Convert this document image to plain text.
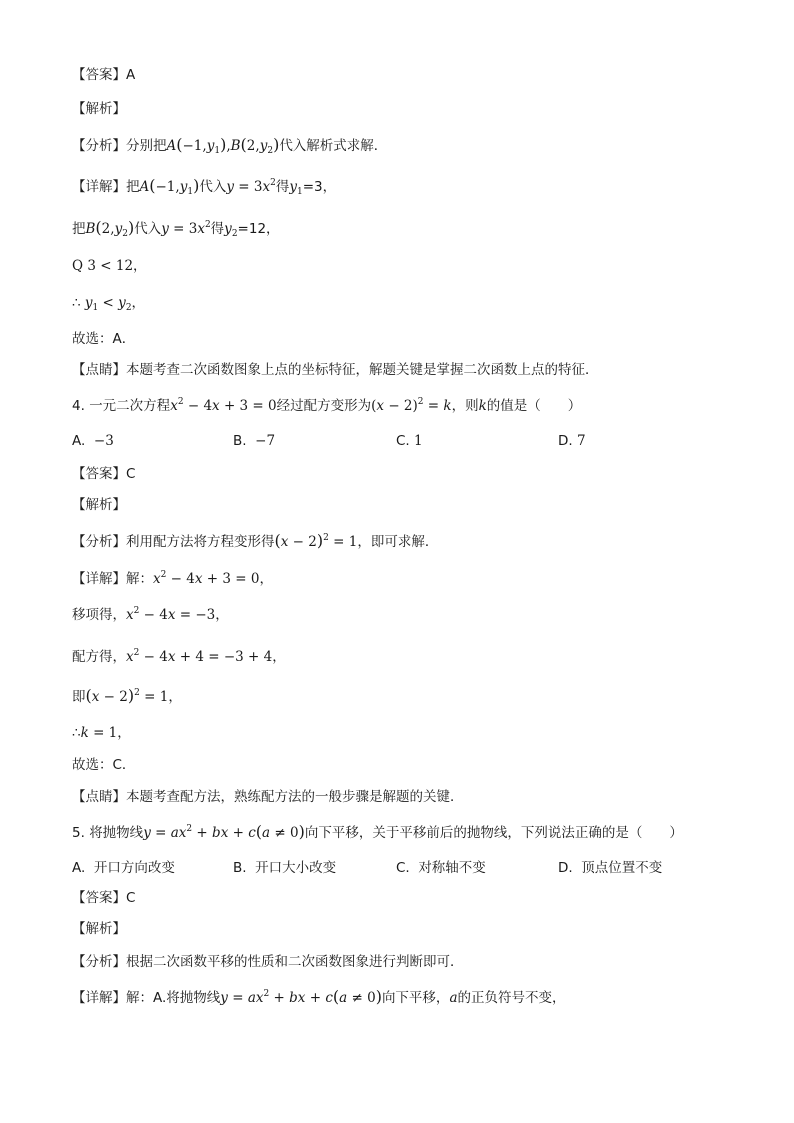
【答案】A
【解析】
【分析】分别把$A(-1,y_1),B(2,y_2)$代入解析式求解．
【详解】把$A(-1,y_1)$代入$y = 3x^2$得$y_1=3$，
把$B(2,y_2)$代入$y = 3x^2$得$y_2=12$，
Q 3 < 12，
∴ $y_1 < y_2$，
故选：A．
【点睛】本题考查二次函数图象上点的坐标特征，解题关键是掌握二次函数上点的特征．
4. 一元二次方程$x^2 - 4x + 3 = 0$经过配方变形为$(x - 2)^2 = k$，则k的值是（　　）
A. −3	B. −7	C. 1	D. 7
【答案】C
【解析】
【分析】利用配方法将方程变形得$(x - 2)^2 = 1$，即可求解．
【详解】解：$x^2 - 4x + 3 = 0$，
移项得，$x^2 - 4x = -3$，
配方得，$x^2 - 4x + 4 = -3 + 4$，
即$(x - 2)^2 = 1$，
∴k = 1，
故选：C．
【点睛】本题考查配方法，熟练配方法的一般步骤是解题的关键．
5. 将抛物线$y = ax^2$ + bx + c(a ≠ 0)向下平移，关于平移前后的抛物线，下列说法正确的是（　　）
A. 开口方向改变	B. 开口大小改变	C. 对称轴不变	D. 顶点位置不变
【答案】C
【解析】
【分析】根据二次函数平移的性质和二次函数图象进行判断即可．
【详解】解：A.将抛物线$y = ax^2$ + bx + c(a ≠ 0)向下平移，a的正负符号不变，
